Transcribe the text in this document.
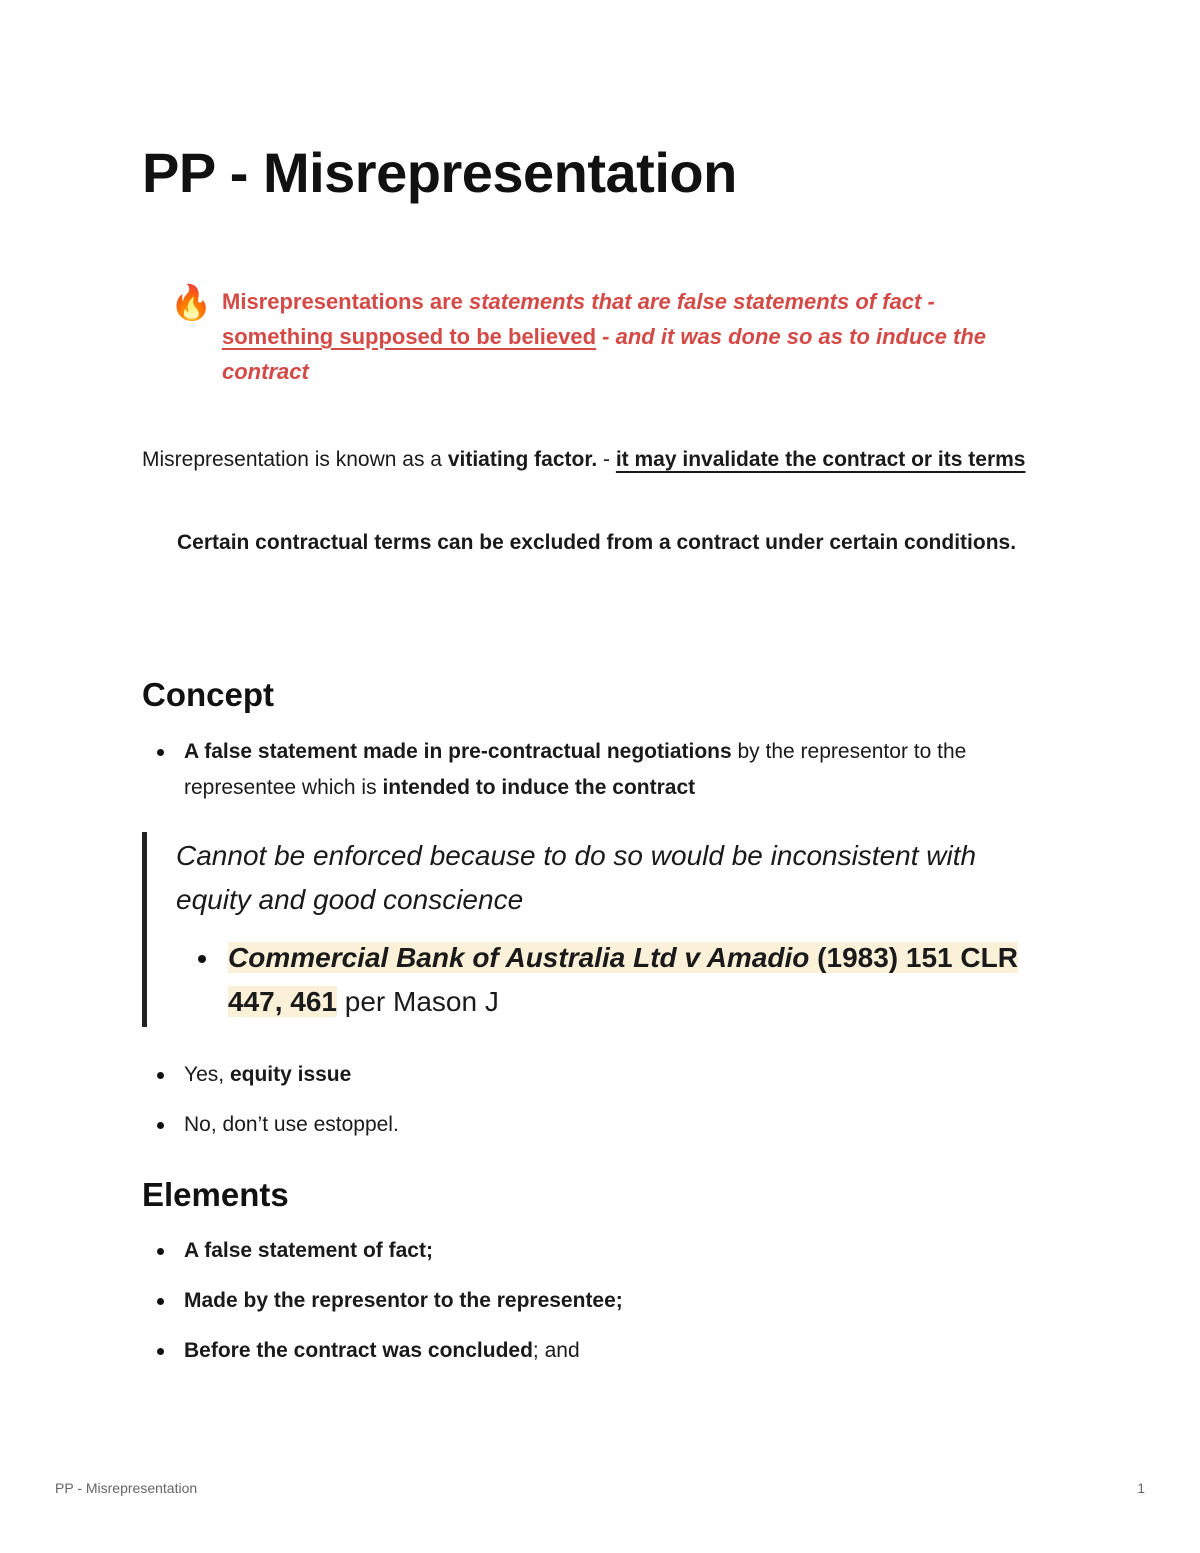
PP - Misrepresentation
🔥 Misrepresentations are statements that are false statements of fact - something supposed to be believed - and it was done so as to induce the contract
Misrepresentation is known as a vitiating factor. - it may invalidate the contract or its terms
Certain contractual terms can be excluded from a contract under certain conditions.
Concept
A false statement made in pre-contractual negotiations by the representor to the representee which is intended to induce the contract
Cannot be enforced because to do so would be inconsistent with equity and good conscience
Commercial Bank of Australia Ltd v Amadio (1983) 151 CLR 447, 461 per Mason J
Yes, equity issue
No, don’t use estoppel.
Elements
A false statement of fact;
Made by the representor to the representee;
Before the contract was concluded; and
PP - Misrepresentation	1
